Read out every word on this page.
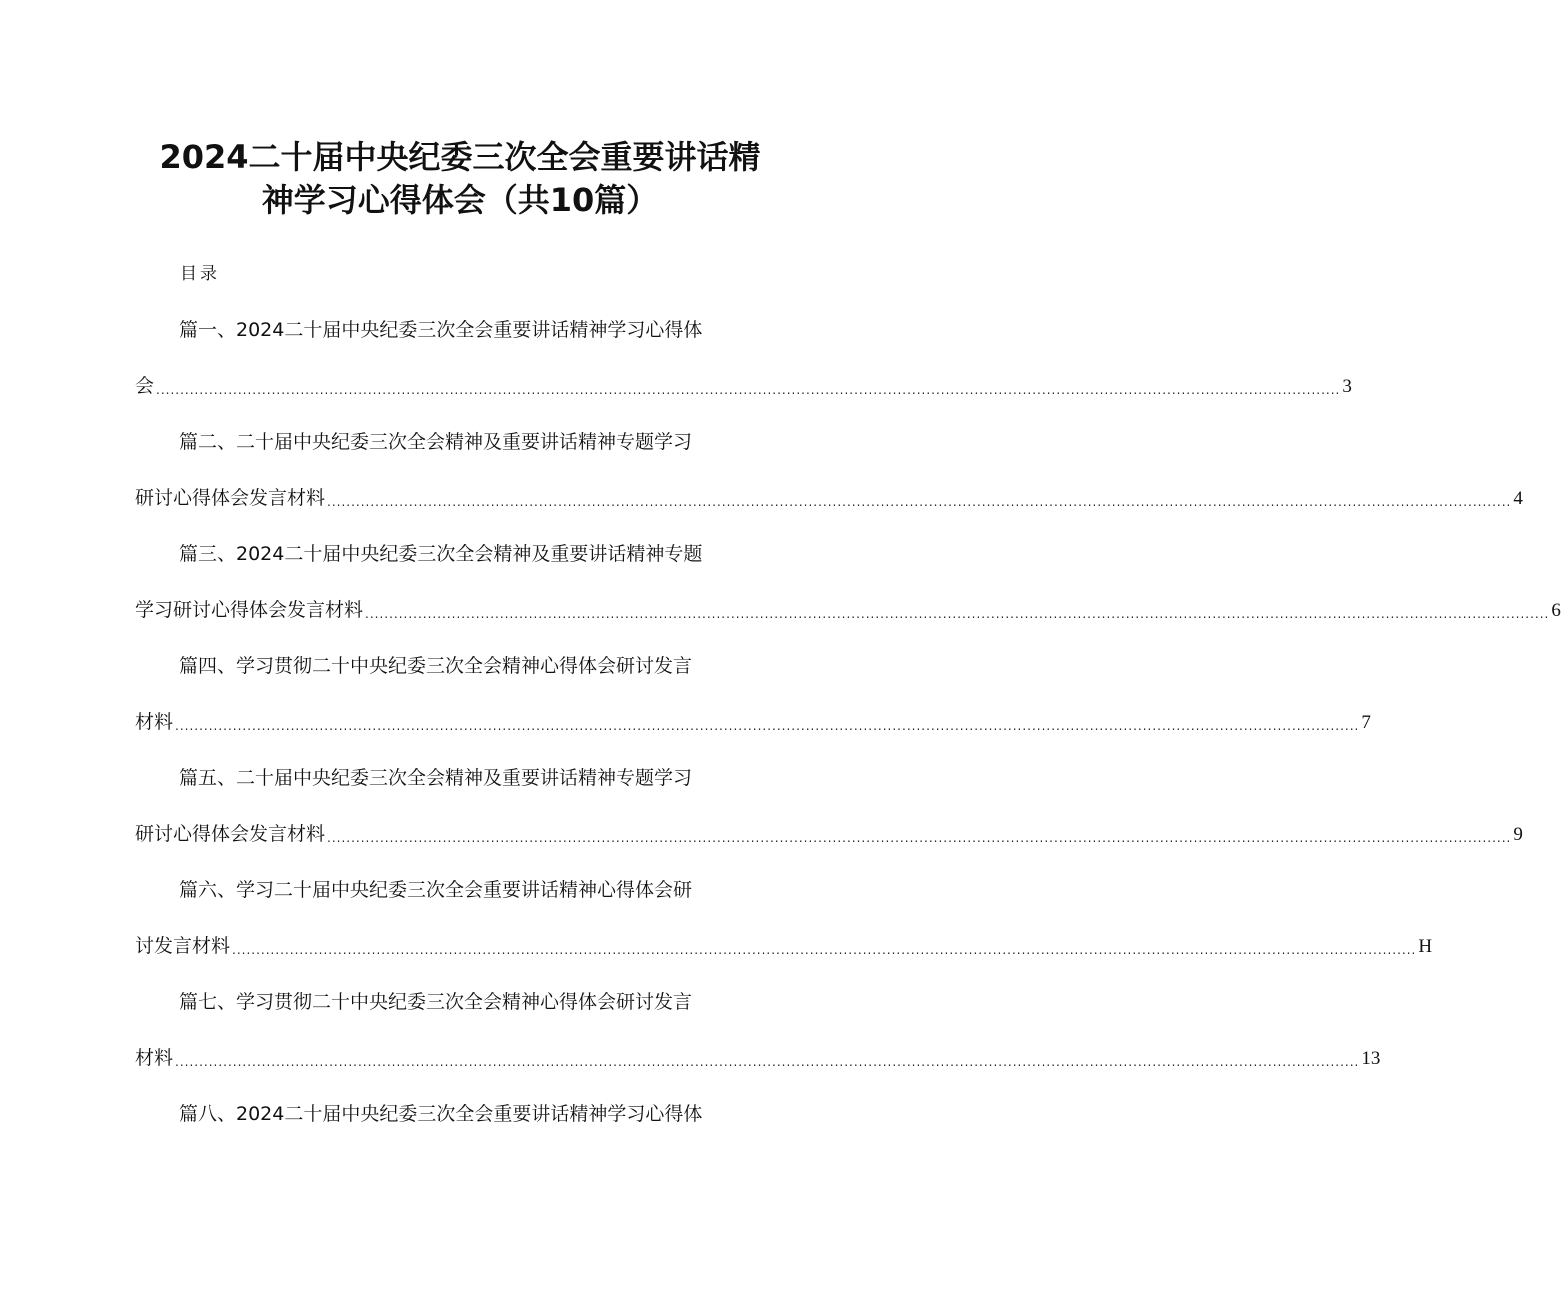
2024二十届中央纪委三次全会重要讲话精
神学习心得体会（共10篇）
目录
篇一、2024二十届中央纪委三次全会重要讲话精神学习心得体
会 ...................................................................................................................................................................................................................................................... 3
篇二、二十届中央纪委三次全会精神及重要讲话精神专题学习
研讨心得体会发言材料 ...................................................................................................................................................................................................................................................... 4
篇三、2024二十届中央纪委三次全会精神及重要讲话精神专题
学习研讨心得体会发言材料 ...................................................................................................................................................................................................................................................... 6
篇四、学习贯彻二十中央纪委三次全会精神心得体会研讨发言
材料 ...................................................................................................................................................................................................................................................... 7
篇五、二十届中央纪委三次全会精神及重要讲话精神专题学习
研讨心得体会发言材料 ...................................................................................................................................................................................................................................................... 9
篇六、学习二十届中央纪委三次全会重要讲话精神心得体会研
讨发言材料 ...................................................................................................................................................................................................................................................... H
篇七、学习贯彻二十中央纪委三次全会精神心得体会研讨发言
材料 ...................................................................................................................................................................................................................................................... 13
篇八、2024二十届中央纪委三次全会重要讲话精神学习心得体
